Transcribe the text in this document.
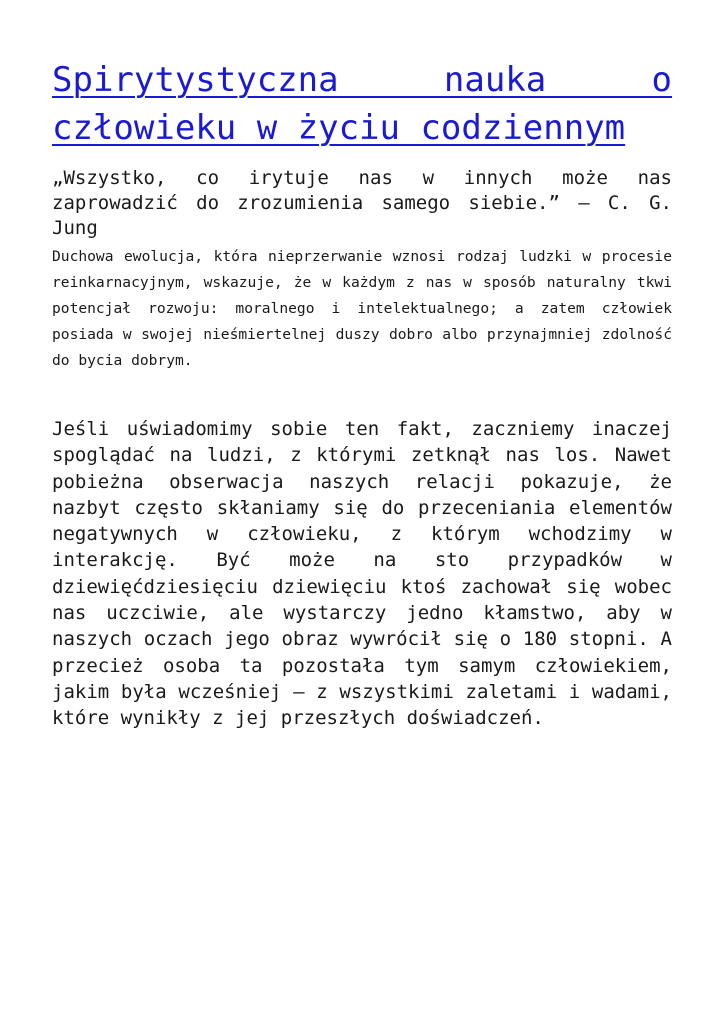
Spirytystyczna nauka o człowieku w życiu codziennym

„Wszystko, co irytuje nas w innych może nas zaprowadzić do zrozumienia samego siebie.” – C. G. Jung

Duchowa ewolucja, która nieprzerwanie wznosi rodzaj ludzki w procesie reinkarnacyjnym, wskazuje, że w każdym z nas w sposób naturalny tkwi potencjał rozwoju: moralnego i intelektualnego; a zatem człowiek posiada w swojej nieśmiertelnej duszy dobro albo przynajmniej zdolność do bycia dobrym.

Jeśli uświadomimy sobie ten fakt, zaczniemy inaczej spoglądać na ludzi, z którymi zetknął nas los. Nawet pobieżna obserwacja naszych relacji pokazuje, że nazbyt często skłaniamy się do przeceniania elementów negatywnych w człowieku, z którym wchodzimy w interakcję. Być może na sto przypadków w dziewięćdziesięciu dziewięciu ktoś zachował się wobec nas uczciwie, ale wystarczy jedno kłamstwo, aby w naszych oczach jego obraz wywrócił się o 180 stopni. A przecież osoba ta pozostała tym samym człowiekiem, jakim była wcześniej – z wszystkimi zaletami i wadami, które wynikły z jej przeszłych doświadczeń.
